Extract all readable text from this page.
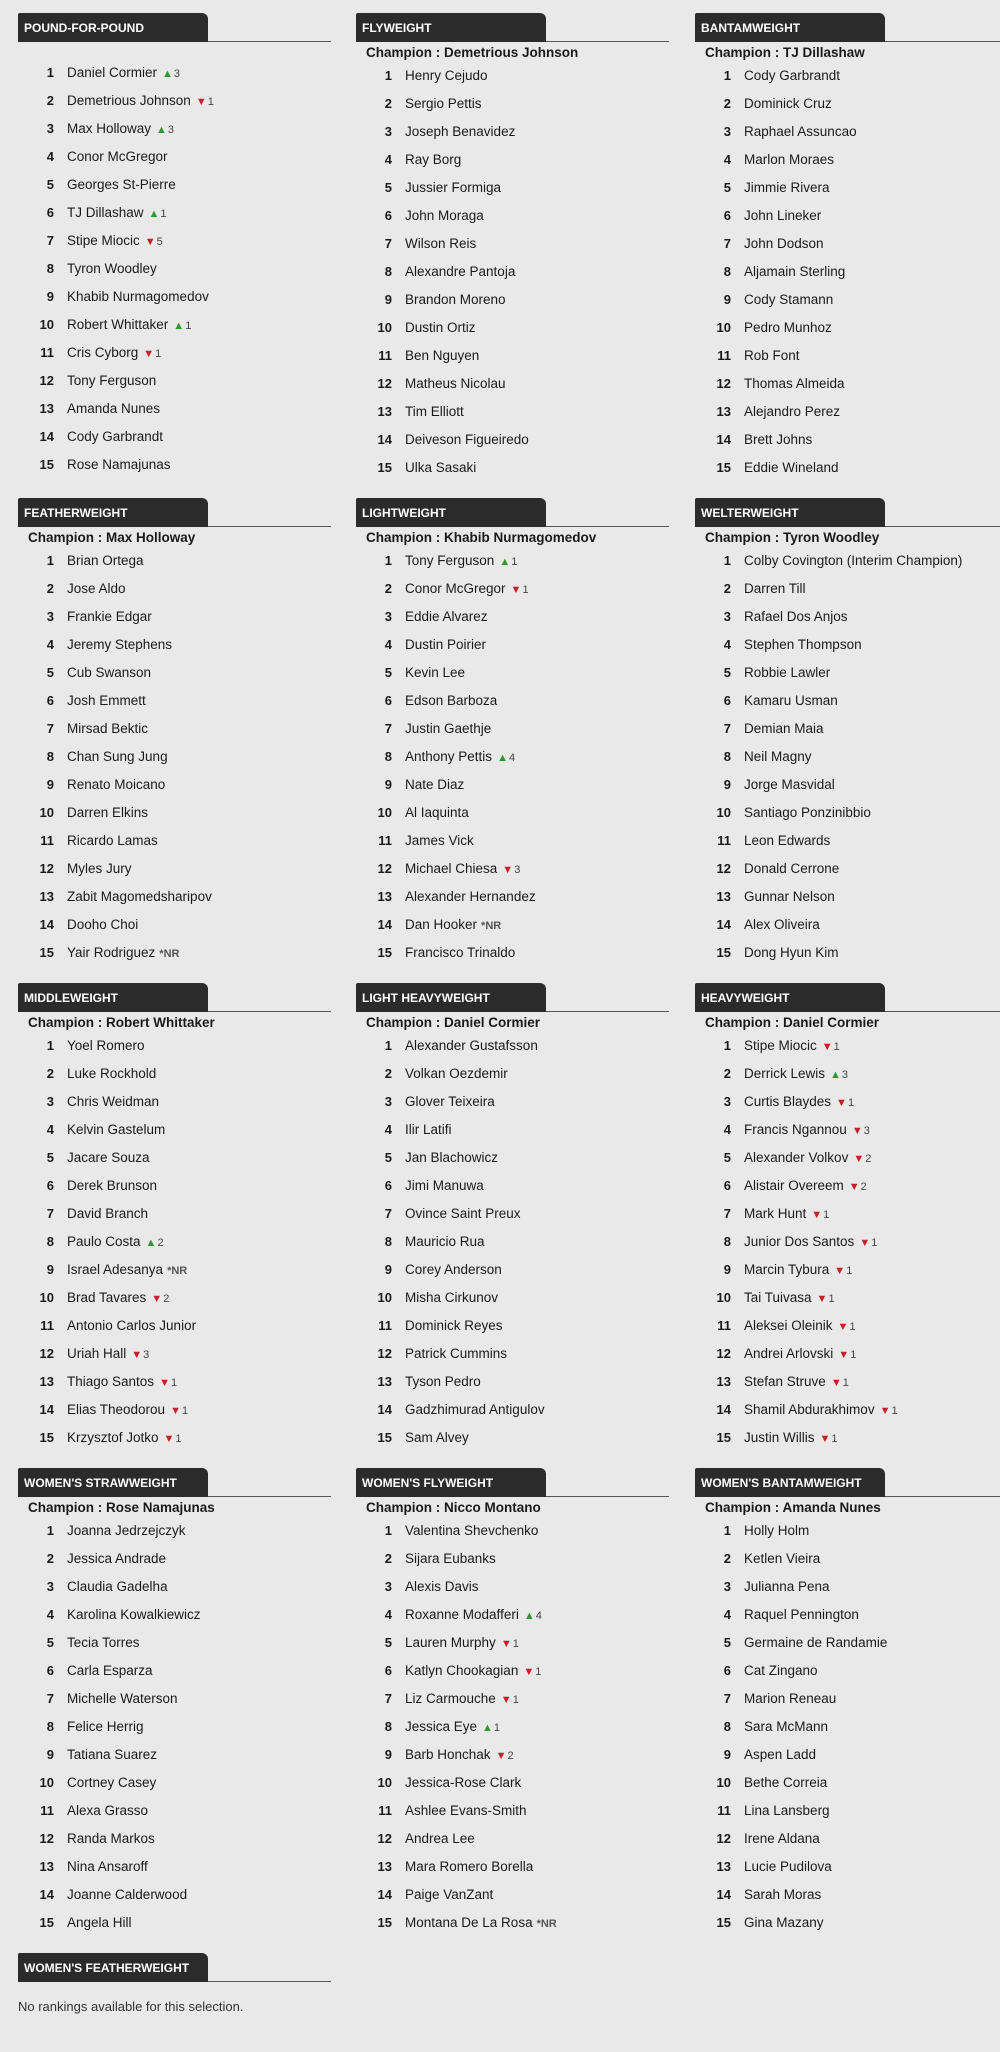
POUND-FOR-POUND
1 Daniel Cormier ▲3
2 Demetrious Johnson ▼1
3 Max Holloway ▲3
4 Conor McGregor
5 Georges St-Pierre
6 TJ Dillashaw ▲1
7 Stipe Miocic ▼5
8 Tyron Woodley
9 Khabib Nurmagomedov
10 Robert Whittaker ▲1
11 Cris Cyborg ▼1
12 Tony Ferguson
13 Amanda Nunes
14 Cody Garbrandt
15 Rose Namajunas
FLYWEIGHT
Champion : Demetrious Johnson
1 Henry Cejudo
2 Sergio Pettis
3 Joseph Benavidez
4 Ray Borg
5 Jussier Formiga
6 John Moraga
7 Wilson Reis
8 Alexandre Pantoja
9 Brandon Moreno
10 Dustin Ortiz
11 Ben Nguyen
12 Matheus Nicolau
13 Tim Elliott
14 Deiveson Figueiredo
15 Ulka Sasaki
BANTAMWEIGHT
Champion : TJ Dillashaw
1 Cody Garbrandt
2 Dominick Cruz
3 Raphael Assuncao
4 Marlon Moraes
5 Jimmie Rivera
6 John Lineker
7 John Dodson
8 Aljamain Sterling
9 Cody Stamann
10 Pedro Munhoz
11 Rob Font
12 Thomas Almeida
13 Alejandro Perez
14 Brett Johns
15 Eddie Wineland
FEATHERWEIGHT
Champion : Max Holloway
1 Brian Ortega
2 Jose Aldo
3 Frankie Edgar
4 Jeremy Stephens
5 Cub Swanson
6 Josh Emmett
7 Mirsad Bektic
8 Chan Sung Jung
9 Renato Moicano
10 Darren Elkins
11 Ricardo Lamas
12 Myles Jury
13 Zabit Magomedsharipov
14 Dooho Choi
15 Yair Rodriguez *NR
LIGHTWEIGHT
Champion : Khabib Nurmagomedov
1 Tony Ferguson ▲1
2 Conor McGregor ▼1
3 Eddie Alvarez
4 Dustin Poirier
5 Kevin Lee
6 Edson Barboza
7 Justin Gaethje
8 Anthony Pettis ▲4
9 Nate Diaz
10 Al Iaquinta
11 James Vick
12 Michael Chiesa ▼3
13 Alexander Hernandez
14 Dan Hooker *NR
15 Francisco Trinaldo
WELTERWEIGHT
Champion : Tyron Woodley
1 Colby Covington (Interim Champion)
2 Darren Till
3 Rafael Dos Anjos
4 Stephen Thompson
5 Robbie Lawler
6 Kamaru Usman
7 Demian Maia
8 Neil Magny
9 Jorge Masvidal
10 Santiago Ponzinibbio
11 Leon Edwards
12 Donald Cerrone
13 Gunnar Nelson
14 Alex Oliveira
15 Dong Hyun Kim
MIDDLEWEIGHT
Champion : Robert Whittaker
1 Yoel Romero
2 Luke Rockhold
3 Chris Weidman
4 Kelvin Gastelum
5 Jacare Souza
6 Derek Brunson
7 David Branch
8 Paulo Costa ▲2
9 Israel Adesanya *NR
10 Brad Tavares ▼2
11 Antonio Carlos Junior
12 Uriah Hall ▼3
13 Thiago Santos ▼1
14 Elias Theodorou ▼1
15 Krzysztof Jotko ▼1
LIGHT HEAVYWEIGHT
Champion : Daniel Cormier
1 Alexander Gustafsson
2 Volkan Oezdemir
3 Glover Teixeira
4 Ilir Latifi
5 Jan Blachowicz
6 Jimi Manuwa
7 Ovince Saint Preux
8 Mauricio Rua
9 Corey Anderson
10 Misha Cirkunov
11 Dominick Reyes
12 Patrick Cummins
13 Tyson Pedro
14 Gadzhimurad Antigulov
15 Sam Alvey
HEAVYWEIGHT
Champion : Daniel Cormier
1 Stipe Miocic ▼1
2 Derrick Lewis ▲3
3 Curtis Blaydes ▼1
4 Francis Ngannou ▼3
5 Alexander Volkov ▼2
6 Alistair Overeem ▼2
7 Mark Hunt ▼1
8 Junior Dos Santos ▼1
9 Marcin Tybura ▼1
10 Tai Tuivasa ▼1
11 Aleksei Oleinik ▼1
12 Andrei Arlovski ▼1
13 Stefan Struve ▼1
14 Shamil Abdurakhimov ▼1
15 Justin Willis ▼1
WOMEN'S STRAWWEIGHT
Champion : Rose Namajunas
1 Joanna Jedrzejczyk
2 Jessica Andrade
3 Claudia Gadelha
4 Karolina Kowalkiewicz
5 Tecia Torres
6 Carla Esparza
7 Michelle Waterson
8 Felice Herrig
9 Tatiana Suarez
10 Cortney Casey
11 Alexa Grasso
12 Randa Markos
13 Nina Ansaroff
14 Joanne Calderwood
15 Angela Hill
WOMEN'S FLYWEIGHT
Champion : Nicco Montano
1 Valentina Shevchenko
2 Sijara Eubanks
3 Alexis Davis
4 Roxanne Modafferi ▲4
5 Lauren Murphy ▼1
6 Katlyn Chookagian ▼1
7 Liz Carmouche ▼1
8 Jessica Eye ▲1
9 Barb Honchak ▼2
10 Jessica-Rose Clark
11 Ashlee Evans-Smith
12 Andrea Lee
13 Mara Romero Borella
14 Paige VanZant
15 Montana De La Rosa *NR
WOMEN'S BANTAMWEIGHT
Champion : Amanda Nunes
1 Holly Holm
2 Ketlen Vieira
3 Julianna Pena
4 Raquel Pennington
5 Germaine de Randamie
6 Cat Zingano
7 Marion Reneau
8 Sara McMann
9 Aspen Ladd
10 Bethe Correia
11 Lina Lansberg
12 Irene Aldana
13 Lucie Pudilova
14 Sarah Moras
15 Gina Mazany
WOMEN'S FEATHERWEIGHT
No rankings available for this selection.
